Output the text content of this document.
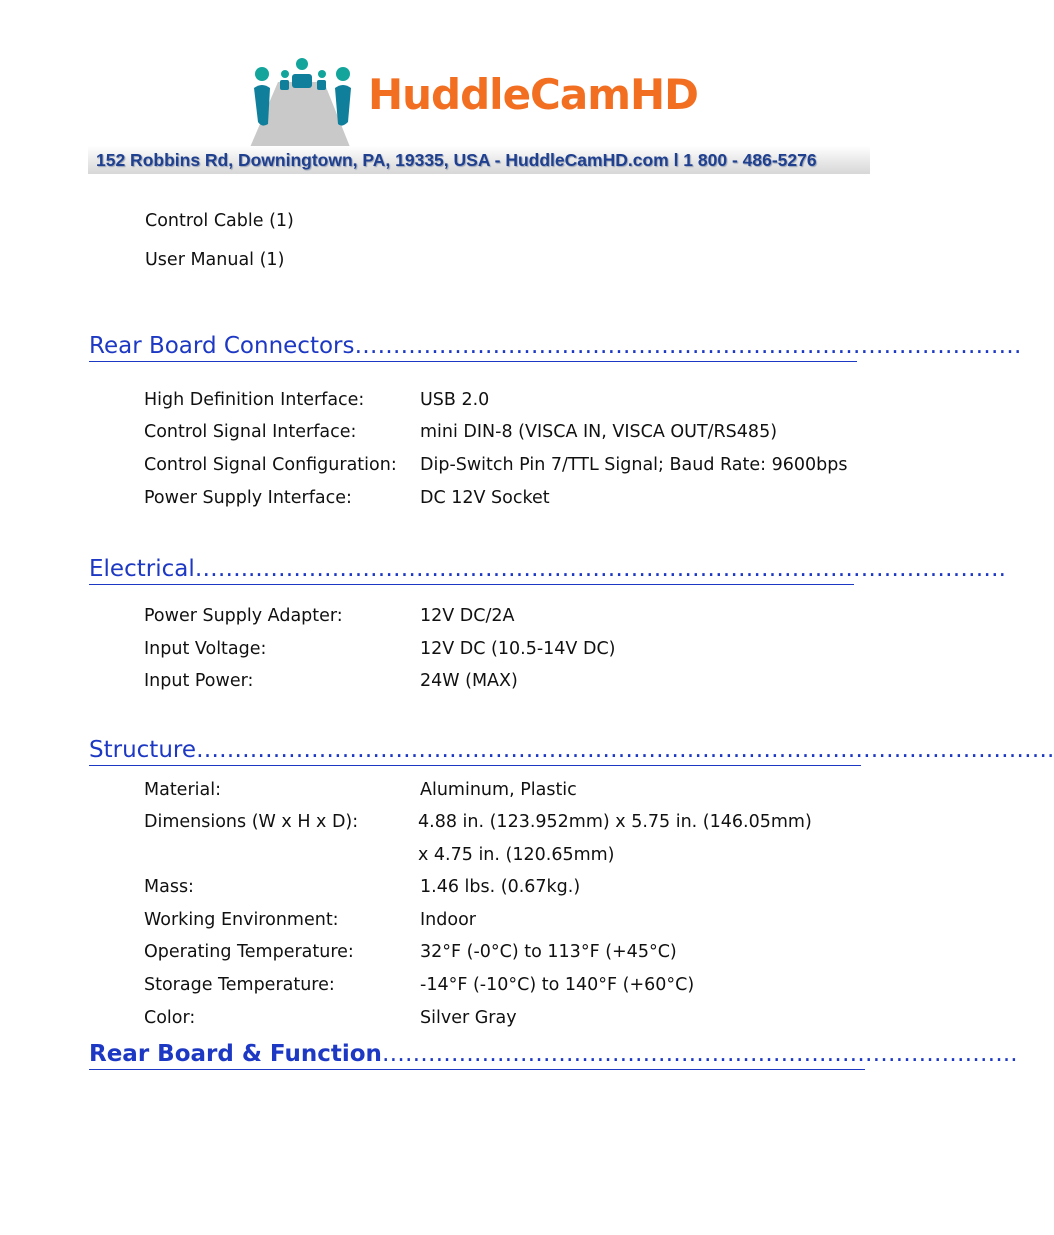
HuddleCamHD
152 Robbins Rd, Downingtown, PA, 19335, USA - HuddleCamHD.com l 1 800 - 486-5276
Control Cable (1)
User Manual (1)
Rear Board Connectors……………………………………………………………………………
High Definition Interface:	USB 2.0
Control Signal Interface:	mini DIN-8 (VISCA IN, VISCA OUT/RS485)
Control Signal Configuration: Dip-Switch Pin 7/TTL Signal; Baud Rate: 9600bps
Power Supply Interface:	DC 12V Socket
Electrical……...…………………………………………………………………………………….
Power Supply Adapter:	12V DC/2A
Input Voltage:	12V DC (10.5-14V DC)
Input Power:	24W (MAX)
Structure………………………………………………………………………………………………….
Material:	Aluminum, Plastic
Dimensions (W x H x D):	4.88 in. (123.952mm) x 5.75 in. (146.05mm)
x 4.75 in. (120.65mm)
Mass:	1.46 lbs. (0.67kg.)
Working Environment:	Indoor
Operating Temperature:	32°F (-0°C) to 113°F (+45°C)
Storage Temperature:	-14°F (-10°C) to 140°F (+60°C)
Color:	Silver Gray
Rear Board & Function………………………………………………………………………..
